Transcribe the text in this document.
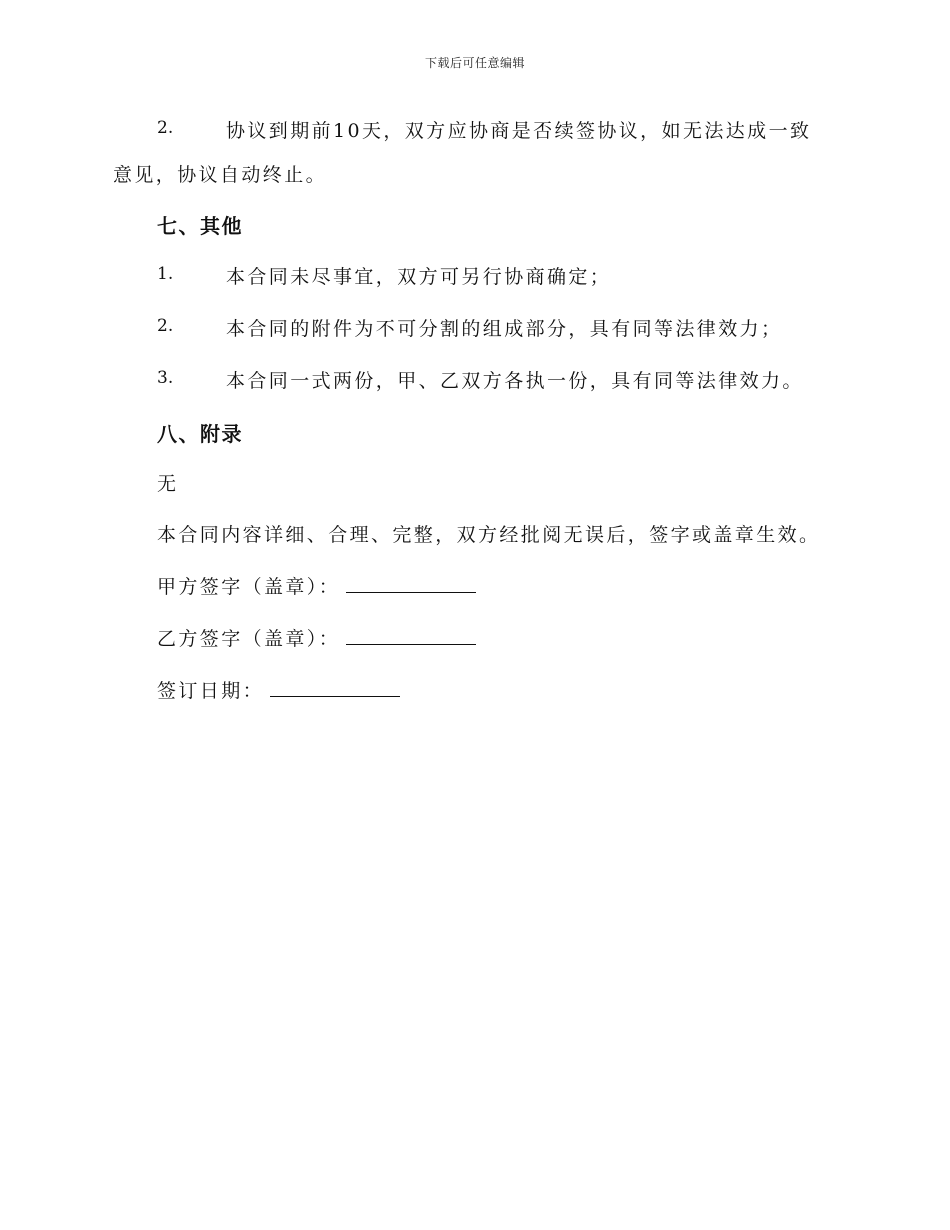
下载后可任意编辑
2.	协议到期前10天，双方应协商是否续签协议，如无法达成一致
意见，协议自动终止。
七、其他
1.	本合同未尽事宜，双方可另行协商确定；
2.	本合同的附件为不可分割的组成部分，具有同等法律效力；
3.	本合同一式两份，甲、乙双方各执一份，具有同等法律效力。
八、附录
无
本合同内容详细、合理、完整，双方经批阅无误后，签字或盖章生效。
甲方签字（盖章）：
乙方签字（盖章）：
签订日期：
